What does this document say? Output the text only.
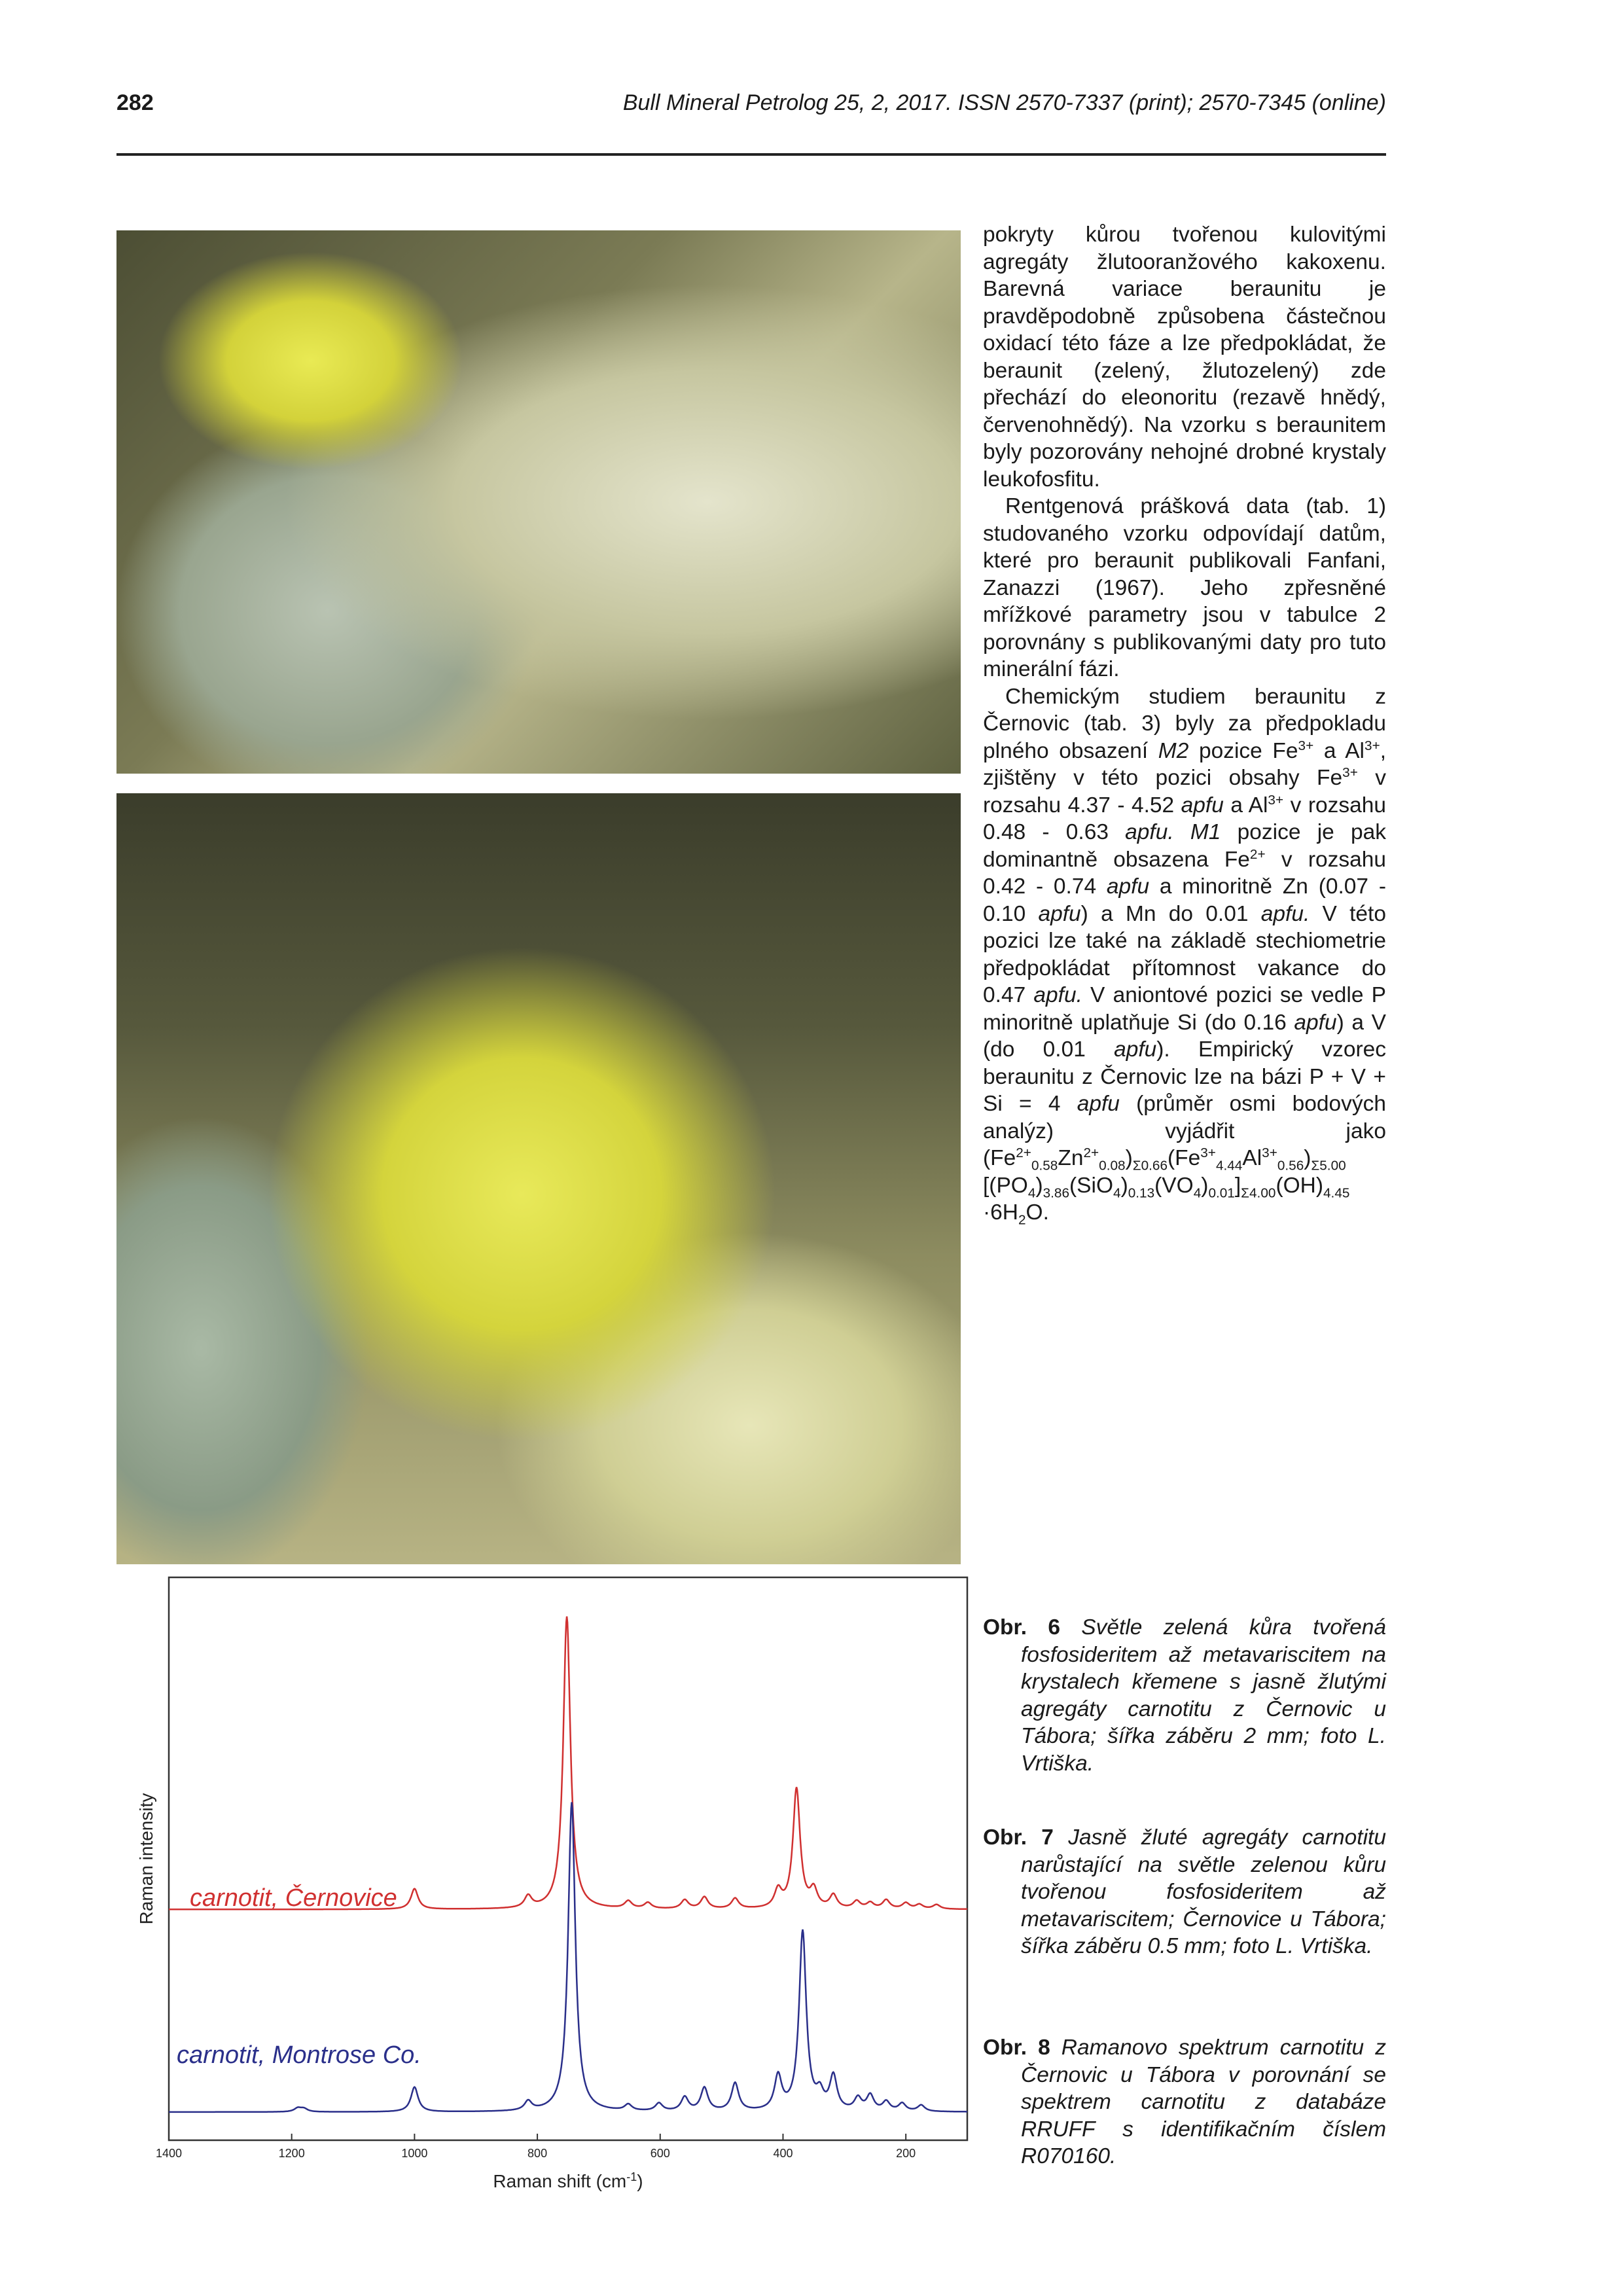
282	Bull Mineral Petrolog 25, 2, 2017. ISSN 2570-7337 (print); 2570-7345 (online)

pokryty kůrou tvořenou kulovitými agregáty žlutooranžového kakoxenu. Barevná variace beraunitu je pravděpodobně způsobena částečnou oxidací této fáze a lze předpokládat, že beraunit (zelený, žlutozelený) zde přechází do eleonoritu (rezavě hnědý, červenohnědý). Na vzorku s beraunitem byly pozorovány nehojné drobné krystaly leukofosfitu.

Rentgenová prášková data (tab. 1) studovaného vzorku odpovídají datům, které pro beraunit publikovali Fanfani, Zanazzi (1967). Jeho zpřesněné mřížkové parametry jsou v tabulce 2 porovnány s publikovanými daty pro tuto minerální fázi.

Chemickým studiem beraunitu z Černovic (tab. 3) byly za předpokladu plného obsazení M2 pozice $Fe^{3+}$ a $Al^{3+}$, zjištěny v této pozici obsahy $Fe^{3+}$ v rozsahu 4.37 - 4.52 apfu a $Al^{3+}$ v rozsahu 0.48 - 0.63 apfu. M1 pozice je pak dominantně obsazena $Fe^{2+}$ v rozsahu 0.42 - 0.74 apfu a minoritně Zn (0.07 - 0.10 apfu) a Mn do 0.01 apfu. V této pozici lze také na základě stechiometrie předpokládat přítomnost vakance do 0.47 apfu. V aniontové pozici se vedle P minoritně uplatňuje Si (do 0.16 apfu) a V (do 0.01 apfu). Empirický vzorec beraunitu z Černovic lze na bázi P + V + Si = 4 apfu (průměr osmi bodových analýz) vyjádřit jako $(Fe^{2+}_{0.58}Zn^{2+}_{0.08})_{\Sigma 0.66}(Fe^{3+}_{4.44}Al^{3+}_{0.56})_{\Sigma 5.00}$ $[(PO_4)_{3.86}(SiO_4)_{0.13}(VO_4)_{0.01}]_{\Sigma 4.00}(OH)_{4.45} \cdot 6H_2O$.

1400	1200	1000	800	600	400	200
Raman intensity
Raman shift $(cm^{-1})$
carnotit, Černovice
carnotit, Montrose Co.
Obr. 6 Světle zelená kůra tvořená fosfosideritem až metavariscitem na krystalech křemene s jasně žlutými agregáty carnotitu z Černovic u Tábora; šířka záběru 2 mm; foto L. Vrtiška.
Obr. 7 Jasně žluté agregáty carnotitu narůstající na světle zelenou kůru tvořenou fosfosideritem až metavariscitem; Černovice u Tábora; šířka záběru 0.5 mm; foto L. Vrtiška.
Obr. 8 Ramanovo spektrum carnotitu z Černovic u Tábora v porovnání se spektrem carnotitu z databáze RRUFF s identifikačním číslem R070160.
